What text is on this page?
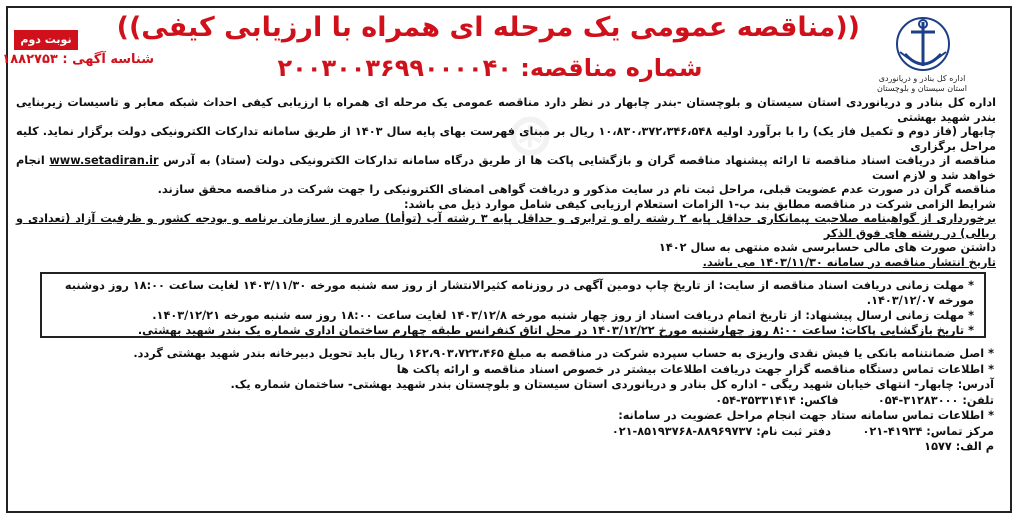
⊛
اداره کل بنادر و دریانوردی
استان سیستان و بلوچستان
نوبت دوم
شناسه آگهی : ۱۸۸۲۷۵۳
((مناقصه عمومی یک مرحله ای همراه با ارزیابی کیفی))
شماره مناقصه: ۲۰۰۳۰۰۳۶۹۹۰۰۰۰۴۰

اداره کل بنادر و دریانوردی استان سیستان و بلوچستان -بندر چابهار در نظر دارد مناقصه عمومی یک مرحله ای همراه با ارزیابی کیفی احداث شبکه معابر و تاسیسات زیربنایی بندر شهید بهشتی

چابهار (فاز دوم و تکمیل فاز یک) را با برآورد اولیه ۱۰،۸۳۰،۳۷۲،۳۴۶،۵۴۸ ریال بر مبنای فهرست بهای پایه سال ۱۴۰۳ از طریق سامانه تدارکات الکترونیکی دولت برگزار نماید. کلیه مراحل برگزاری

مناقصه از دریافت اسناد مناقصه تا ارائه پیشنهاد مناقصه گران و بازگشایی پاکت ها از طریق درگاه سامانه تدارکات الکترونیکی دولت (ستاد) به آدرس www.setadiran.ir انجام خواهد شد و لازم است

مناقصه گران در صورت عدم عضویت قبلی، مراحل ثبت نام در سایت مذکور و دریافت گواهی امضای الکترونیکی را جهت شرکت در مناقصه محقق سازند.

شرایط الزامی شرکت در مناقصه مطابق بند ب-۱ الزامات استعلام ارزیابی کیفی شامل موارد ذیل می باشد:

برخورداری از گواهینامه صلاحیت پیمانکاری حداقل پایه ۲ رشته راه و ترابری و حداقل پایه ۳ رشته آب (توأما) صادره از سازمان برنامه و بودجه کشور و ظرفیت آزاد (تعدادی و ریالی) در رشته های فوق الذکر

داشتن صورت های مالی حسابرسی شده منتهی به سال ۱۴۰۲

تاریخ انتشار مناقصه در سامانه ۱۴۰۳/۱۱/۳۰ می باشد.

* مهلت زمانی دریافت اسناد مناقصه از سایت: از تاریخ چاپ دومین آگهی در روزنامه کثیرالانتشار از روز سه شنبه مورخه ۱۴۰۳/۱۱/۳۰ لغایت ساعت ۱۸:۰۰ روز دوشنبه مورخه ۱۴۰۳/۱۲/۰۷.

* مهلت زمانی ارسال پیشنهاد: از تاریخ اتمام دریافت اسناد از روز چهار شنبه مورخه ۱۴۰۳/۱۲/۸ لغایت ساعت ۱۸:۰۰ روز سه شنبه مورخه ۱۴۰۳/۱۲/۲۱.

* تاریخ بازگشایی پاکات: ساعت ۸:۰۰ روز چهارشنبه مورخ ۱۴۰۳/۱۲/۲۲ در محل اتاق کنفرانس طبقه چهارم ساختمان اداری شماره یک بندر شهید بهشتی.

* اصل ضمانتنامه بانکی یا فیش نقدی واریزی به حساب سپرده شرکت در مناقصه به مبلغ ۱۶۲،۹۰۳،۷۲۳،۴۶۵ ریال باید تحویل دبیرخانه بندر شهید بهشتی گردد.

* اطلاعات تماس دستگاه مناقصه گزار جهت دریافت اطلاعات بیشتر در خصوص اسناد مناقصه و ارائه پاکت ها

آدرس: چابهار- انتهای خیابان شهید ریگی - اداره کل بنادر و دریانوردی استان سیستان و بلوچستان بندر شهید بهشتی- ساختمان شماره یک.

تلفن: ۳۱۲۸۳۰۰۰-۰۵۴          فاکس: ۳۵۳۳۱۴۱۴-۰۵۴

* اطلاعات تماس سامانه ستاد جهت انجام مراحل عضویت در سامانه:

مرکز تماس: ۴۱۹۳۴-۰۲۱        دفتر ثبت نام: ۸۸۹۶۹۷۳۷-۸۵۱۹۳۷۶۸-۰۲۱

م الف: ۱۵۷۷
